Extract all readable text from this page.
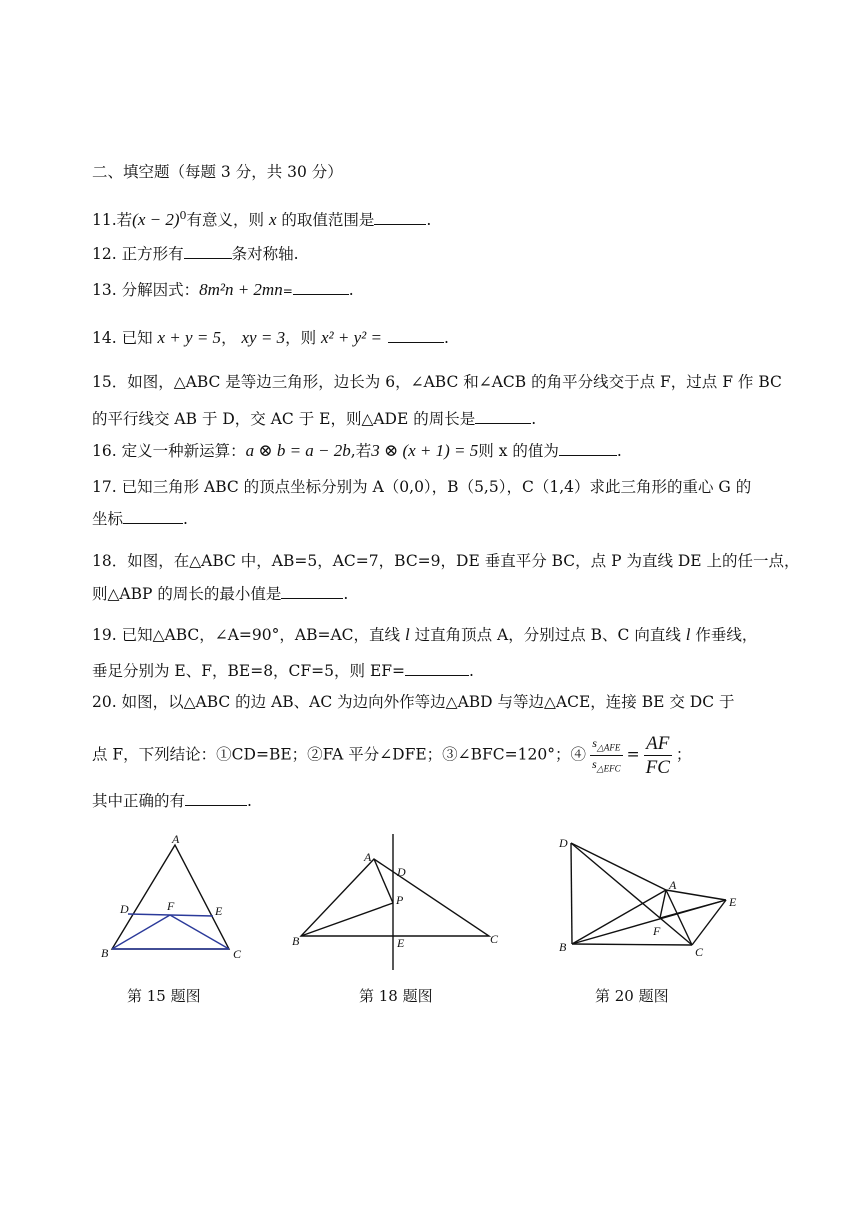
二、填空题（每题 3 分，共 30 分）
11.若$(x - 2)^0$有意义，则 x 的取值范围是	.
12. 正方形有	条对称轴.
13. 分解因式：8m²n + 2mn=	.
14. 已知 x + y = 5， xy = 3，则 x² + y² =	.
15．如图，△ABC 是等边三角形，边长为 6，∠ABC 和∠ACB 的角平分线交于点 F，过点 F 作 BC
的平行线交 AB 于 D，交 AC 于 E，则△ADE 的周长是	.
16. 定义一种新运算：a ⊗ b = a − 2b,若3 ⊗ (x + 1) = 5则 x 的值为	.
17. 已知三角形 ABC 的顶点坐标分别为 A（0,0），B（5,5），C（1,4）求此三角形的重心 G 的
坐标	.
18．如图，在△ABC 中，AB=5，AC=7，BC=9，DE 垂直平分 BC，点 P 为直线 DE 上的任一点，
则△ABP 的周长的最小值是	.
19. 已知△ABC，∠A=90°，AB=AC，直线 l 过直角顶点 A，分别过点 B、C 向直线 l 作垂线，
垂足分别为 E、F，BE=8，CF=5，则 EF=	.
20. 如图，以△ABC 的边 AB、AC 为边向外作等边△ABD 与等边△ACE，连接 BE 交 DC 于
点 F，下列结论：①CD=BE；②FA 平分∠DFE；③∠BFC=120°；④ $\frac{s_{\triangle AFE}}{s_{\triangle EFC}} = \frac{AF}{FC}$ ；
其中正确的有	.
A
D	F	E
B	C
第 15 题图
A
D
P
B	E	C
第 18 题图
D
A
E
F
B	C
第 20 题图
